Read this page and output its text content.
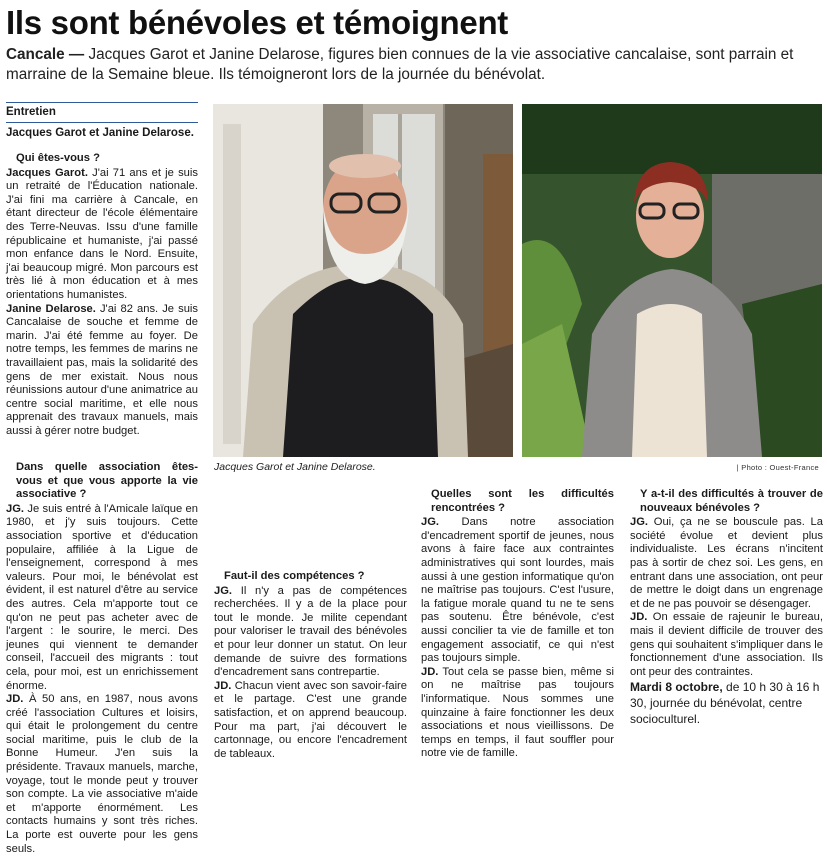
Ils sont bénévoles et témoignent

Cancale — Jacques Garot et Janine Delarose, figures bien connues de la vie associative cancalaise, sont parrain et marraine de la Semaine bleue. Ils témoigneront lors de la journée du bénévolat.

Entretien
Jacques Garot et Janine Delarose.

Qui êtes-vous ?

Jacques Garot. J'ai 71 ans et je suis un retraité de l'Éducation nationale. J'ai fini ma carrière à Cancale, en étant directeur de l'école élémentaire des Terre-Neuvas. Issu d'une famille républicaine et humaniste, j'ai passé mon enfance dans le Nord. Ensuite, j'ai beaucoup migré. Mon parcours est très lié à mon éducation et à mes orientations humanistes.

Janine Delarose. J'ai 82 ans. Je suis Cancalaise de souche et femme de marin. J'ai été femme au foyer. De notre temps, les femmes de marins ne travaillaient pas, mais la solidarité des gens de mer existait. Nous nous réunissions autour d'une animatrice au centre social maritime, et elle nous apprenait des travaux manuels, mais aussi à gérer notre budget.

Jacques Garot et Janine Delarose.	| Photo : Ouest-France

Dans quelle association êtes-vous et que vous apporte la vie associative ?

JG. Je suis entré à l'Amicale laïque en 1980, et j'y suis toujours. Cette association sportive et d'éducation populaire, affiliée à la Ligue de l'enseignement, correspond à mes valeurs. Pour moi, le bénévolat est évident, il est naturel d'être au service des autres. Cela m'apporte tout ce qu'on ne peut pas acheter avec de l'argent : le sourire, le merci. Des jeunes qui viennent te demander conseil, l'accueil des migrants : tout cela, pour moi, est un enrichissement énorme.

JD. À 50 ans, en 1987, nous avons créé l'association Cultures et loisirs, qui était le prolongement du centre social maritime, puis le club de la Bonne Humeur. J'en suis la présidente. Travaux manuels, marche, voyage, tout le monde peut y trouver son compte. La vie associative m'aide et m'apporte énormément. Les contacts humains y sont très riches. La porte est ouverte pour les gens seuls.

Faut-il des compétences ?

JG. Il n'y a pas de compétences recherchées. Il y a de la place pour tout le monde. Je milite cependant pour valoriser le travail des bénévoles et pour leur donner un statut. On leur demande de suivre des formations d'encadrement sans contrepartie.

JD. Chacun vient avec son savoir-faire et le partage. C'est une grande satisfaction, et on apprend beaucoup. Pour ma part, j'ai découvert le cartonnage, ou encore l'encadrement de tableaux.

Quelles sont les difficultés rencontrées ?

JG. Dans notre association d'encadrement sportif de jeunes, nous avons à faire face aux contraintes administratives qui sont lourdes, mais aussi à une gestion informatique qu'on ne maîtrise pas toujours. C'est l'usure, la fatigue morale quand tu ne te sens pas soutenu. Être bénévole, c'est aussi concilier ta vie de famille et ton engagement associatif, ce qui n'est pas toujours simple.

JD. Tout cela se passe bien, même si on ne maîtrise pas toujours l'informatique. Nous sommes une quinzaine à faire fonctionner les deux associations et nous vieillissons. De temps en temps, il faut souffler pour notre vie de famille.

Y a-t-il des difficultés à trouver de nouveaux bénévoles ?

JG. Oui, ça ne se bouscule pas. La société évolue et devient plus individualiste. Les écrans n'incitent pas à sortir de chez soi. Les gens, en entrant dans une association, ont peur de mettre le doigt dans un engrenage et de ne pas pouvoir se désengager.

JD. On essaie de rajeunir le bureau, mais il devient difficile de trouver des gens qui souhaitent s'impliquer dans le fonctionnement d'une association. Ils ont peur des contraintes.

Mardi 8 octobre, de 10 h 30 à 16 h 30, journée du bénévolat, centre socioculturel.
